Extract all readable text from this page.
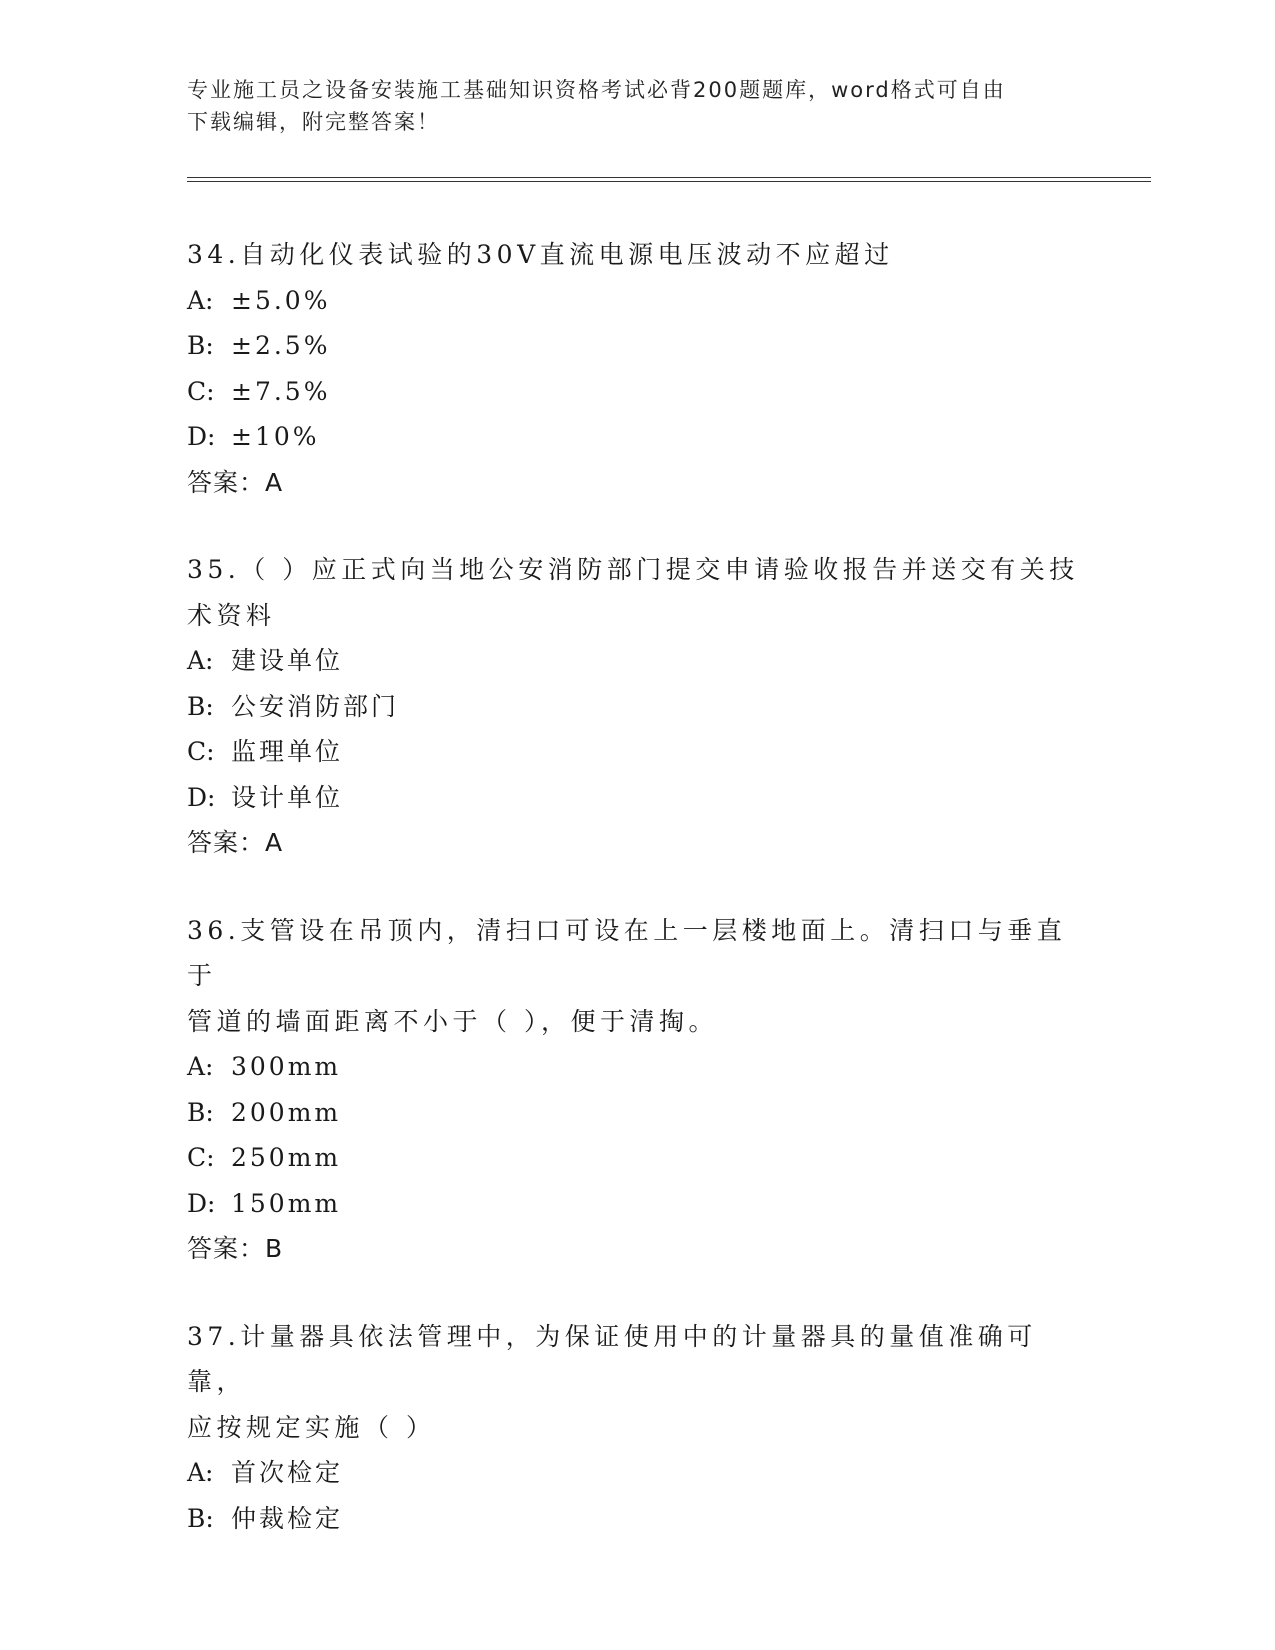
专业施工员之设备安装施工基础知识资格考试必背200题题库，word格式可自由
下载编辑，附完整答案！
34.自动化仪表试验的30V直流电源电压波动不应超过
A: ±5.0%
B: ±2.5%
C: ±7.5%
D: ±10%
答案：A
35.（ ）应正式向当地公安消防部门提交申请验收报告并送交有关技
术资料
A: 建设单位
B: 公安消防部门
C: 监理单位
D: 设计单位
答案：A
36.支管设在吊顶内，清扫口可设在上一层楼地面上。清扫口与垂直于
管道的墙面距离不小于（ ），便于清掏。
A: 300mm
B: 200mm
C: 250mm
D: 150mm
答案：B
37.计量器具依法管理中，为保证使用中的计量器具的量值准确可靠，
应按规定实施（ ）
A: 首次检定
B: 仲裁检定
